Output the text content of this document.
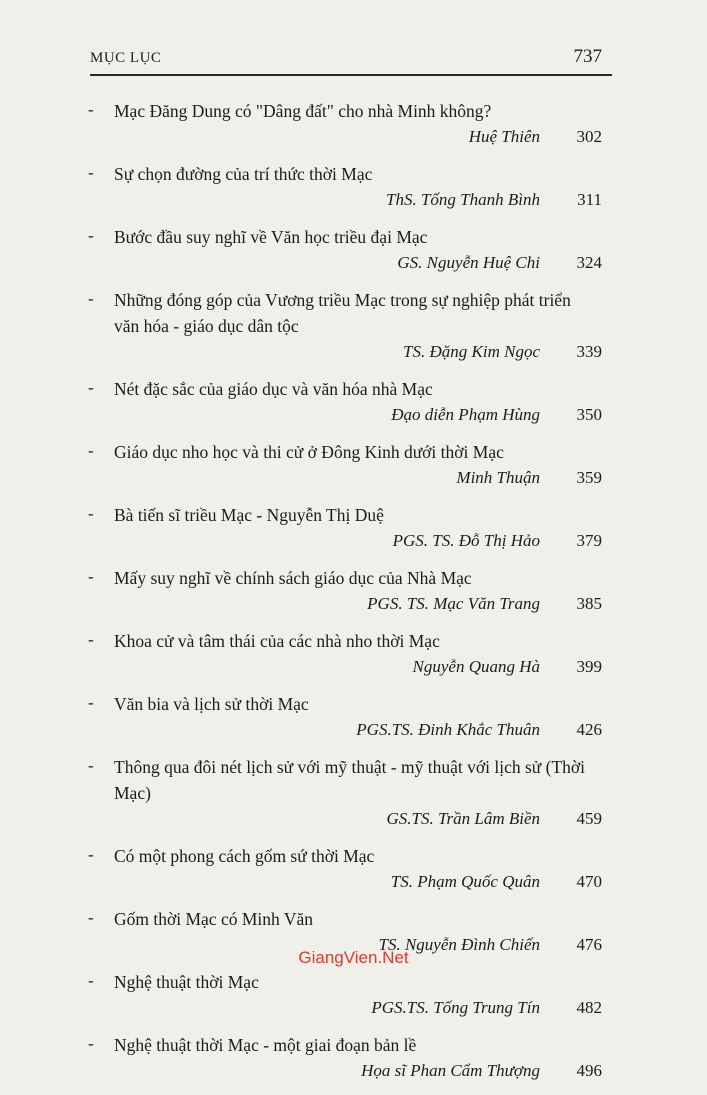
MỤC LỤC	737
- Mạc Đăng Dung có "Dâng đất" cho nhà Minh không?
Huệ Thiên 302
- Sự chọn đường của trí thức thời Mạc
ThS. Tống Thanh Bình 311
- Bước đầu suy nghĩ về Văn học triều đại Mạc
GS. Nguyễn Huệ Chi 324
- Những đóng góp của Vương triều Mạc trong sự nghiệp phát triển văn hóa - giáo dục dân tộc
TS. Đặng Kim Ngọc 339
- Nét đặc sắc của giáo dục và văn hóa nhà Mạc
Đạo diễn Phạm Hùng 350
- Giáo dục nho học và thi cử ở Đông Kinh dưới thời Mạc
Minh Thuận 359
- Bà tiến sĩ triều Mạc - Nguyễn Thị Duệ
PGS. TS. Đỗ Thị Hảo 379
- Mấy suy nghĩ về chính sách giáo dục của Nhà Mạc
PGS. TS. Mạc Văn Trang 385
- Khoa cử và tâm thái của các nhà nho thời Mạc
Nguyễn Quang Hà 399
- Văn bia và lịch sử thời Mạc
PGS.TS. Đinh Khắc Thuân 426
- Thông qua đôi nét lịch sử với mỹ thuật - mỹ thuật với lịch sử (Thời Mạc)
GS.TS. Trần Lâm Biền 459
- Có một phong cách gốm sứ thời Mạc
TS. Phạm Quốc Quân 470
- Gốm thời Mạc có Minh Văn
TS. Nguyễn Đình Chiến 476
- Nghệ thuật thời Mạc
PGS.TS. Tống Trung Tín 482
- Nghệ thuật thời Mạc - một giai đoạn bản lề
Họa sĩ Phan Cẩm Thượng 496
GiangVien.Net
